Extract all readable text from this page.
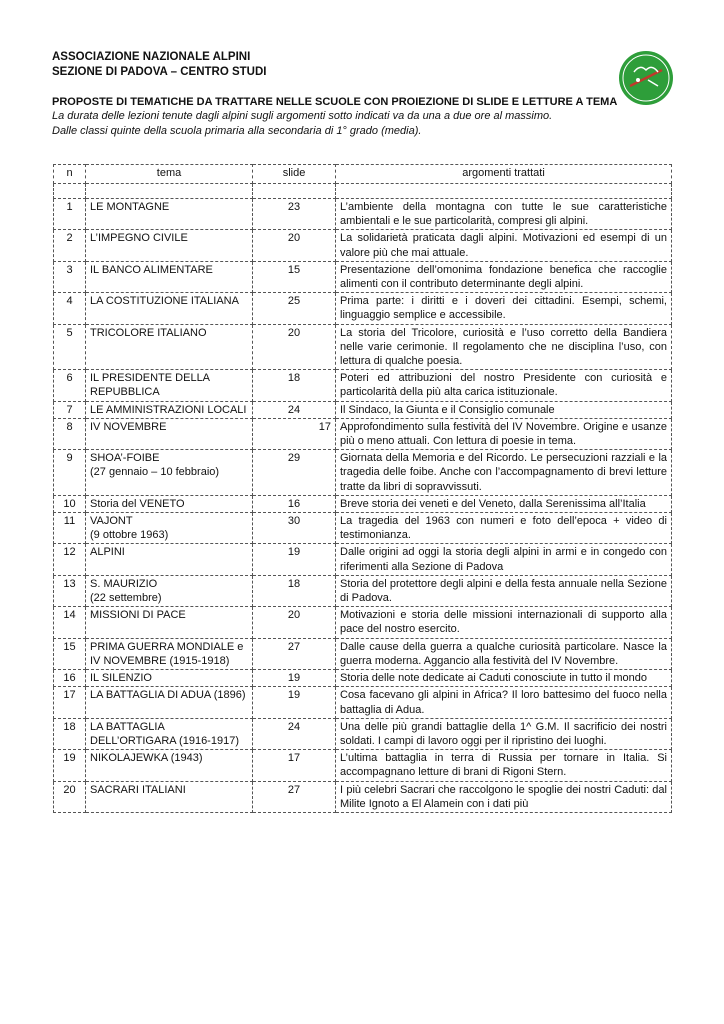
ASSOCIAZIONE NAZIONALE ALPINI
SEZIONE DI PADOVA – CENTRO STUDI
PROPOSTE DI TEMATICHE DA TRATTARE NELLE SCUOLE CON PROIEZIONE DI SLIDE E LETTURE A TEMA
La durata delle lezioni tenute dagli alpini sugli argomenti sotto indicati va da una a due ore al massimo.
Dalle classi quinte della scuola primaria alla secondaria di 1° grado (media).
n	tema	slide	argomenti trattati

1	LE MONTAGNE	23	L’ambiente della montagna con tutte le sue caratteristiche ambientali e le sue particolarità, compresi gli alpini.
2	L’IMPEGNO CIVILE	20	La solidarietà praticata dagli alpini. Motivazioni ed esempi di un valore più che mai attuale.
3	IL BANCO ALIMENTARE	15	Presentazione dell’omonima fondazione benefica che raccoglie alimenti con il contributo determinante degli alpini.
4	LA COSTITUZIONE ITALIANA	25	Prima parte: i diritti e i doveri dei cittadini. Esempi, schemi, linguaggio semplice e accessibile.
5	TRICOLORE ITALIANO	20	La storia del Tricolore, curiosità e l’uso corretto della Bandiera nelle varie cerimonie. Il regolamento che ne disciplina l’uso, con lettura di qualche poesia.
6	IL PRESIDENTE DELLA
REPUBBLICA	18	Poteri ed attribuzioni del nostro Presidente con curiosità e particolarità della più alta carica istituzionale.
7	LE AMMINISTRAZIONI LOCALI	24	Il Sindaco, la Giunta e il Consiglio comunale
8	IV NOVEMBRE	17	Approfondimento sulla festività del IV Novembre. Origine e usanze più o meno attuali. Con lettura di poesie in tema.
9	SHOA’-FOIBE
(27 gennaio – 10 febbraio)	29	Giornata della Memoria e del Ricordo. Le persecuzioni razziali e la tragedia delle foibe. Anche con l’accompagnamento di brevi letture tratte da libri di sopravvissuti.
10	Storia del VENETO	16	Breve storia dei veneti e del Veneto, dalla Serenissima all’Italia
11	VAJONT
(9 ottobre 1963)	30	La tragedia del 1963 con numeri e foto dell’epoca + video di testimonianza.
12	ALPINI	19	Dalle origini ad oggi la storia degli alpini in armi e in congedo con riferimenti alla Sezione di Padova
13	S. MAURIZIO
(22 settembre)	18	Storia del protettore degli alpini e della festa annuale nella Sezione di Padova.
14	MISSIONI DI PACE	20	Motivazioni e storia delle missioni internazionali di supporto alla pace del nostro esercito.
15	PRIMA GUERRA MONDIALE e
IV NOVEMBRE (1915-1918)	27	Dalle cause della guerra a qualche curiosità particolare. Nasce la guerra moderna. Aggancio alla festività del IV Novembre.
16	IL SILENZIO	19	Storia delle note dedicate ai Caduti conosciute in tutto il mondo
17	LA BATTAGLIA DI ADUA (1896)	19	Cosa facevano gli alpini in Africa? Il loro battesimo del fuoco nella battaglia di Adua.
18	LA BATTAGLIA
DELL’ORTIGARA (1916-1917)	24	Una delle più grandi battaglie della 1^ G.M. Il sacrificio dei nostri soldati. I campi di lavoro oggi per il ripristino dei luoghi.
19	NIKOLAJEWKA (1943)	17	L’ultima battaglia in terra di Russia per tornare in Italia. Si accompagnano letture di brani di Rigoni Stern.
20	SACRARI ITALIANI	27	I più celebri Sacrari che raccolgono le spoglie dei nostri Caduti: dal Milite Ignoto a El Alamein con i dati più
